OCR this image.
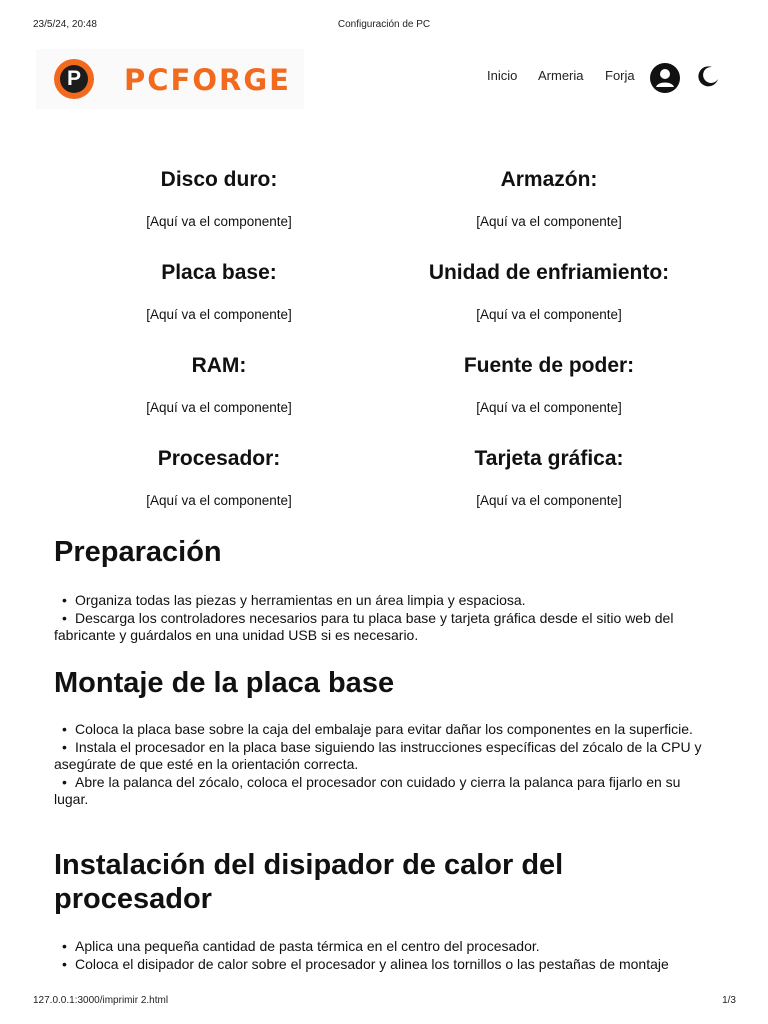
23/5/24, 20:48	Configuración de PC
P PCFORGE	Inicio Armeria Forja

Disco duro:

[Aquí va el componente]

Armazón:

[Aquí va el componente]

Placa base:

[Aquí va el componente]

Unidad de enfriamiento:

[Aquí va el componente]

RAM:

[Aquí va el componente]

Fuente de poder:

[Aquí va el componente]

Procesador:

[Aquí va el componente]

Tarjeta gráfica:

[Aquí va el componente]
Preparación
• Organiza todas las piezas y herramientas en un área limpia y espaciosa.
• Descarga los controladores necesarios para tu placa base y tarjeta gráfica desde el sitio web del fabricante y guárdalos en una unidad USB si es necesario.
Montaje de la placa base
• Coloca la placa base sobre la caja del embalaje para evitar dañar los componentes en la superficie.
• Instala el procesador en la placa base siguiendo las instrucciones específicas del zócalo de la CPU y asegúrate de que esté en la orientación correcta.
• Abre la palanca del zócalo, coloca el procesador con cuidado y cierra la palanca para fijarlo en su lugar.
Instalación del disipador de calor del procesador
• Aplica una pequeña cantidad de pasta térmica en el centro del procesador.
• Coloca el disipador de calor sobre el procesador y alinea los tornillos o las pestañas de montaje
127.0.0.1:3000/imprimir 2.html	1/3
